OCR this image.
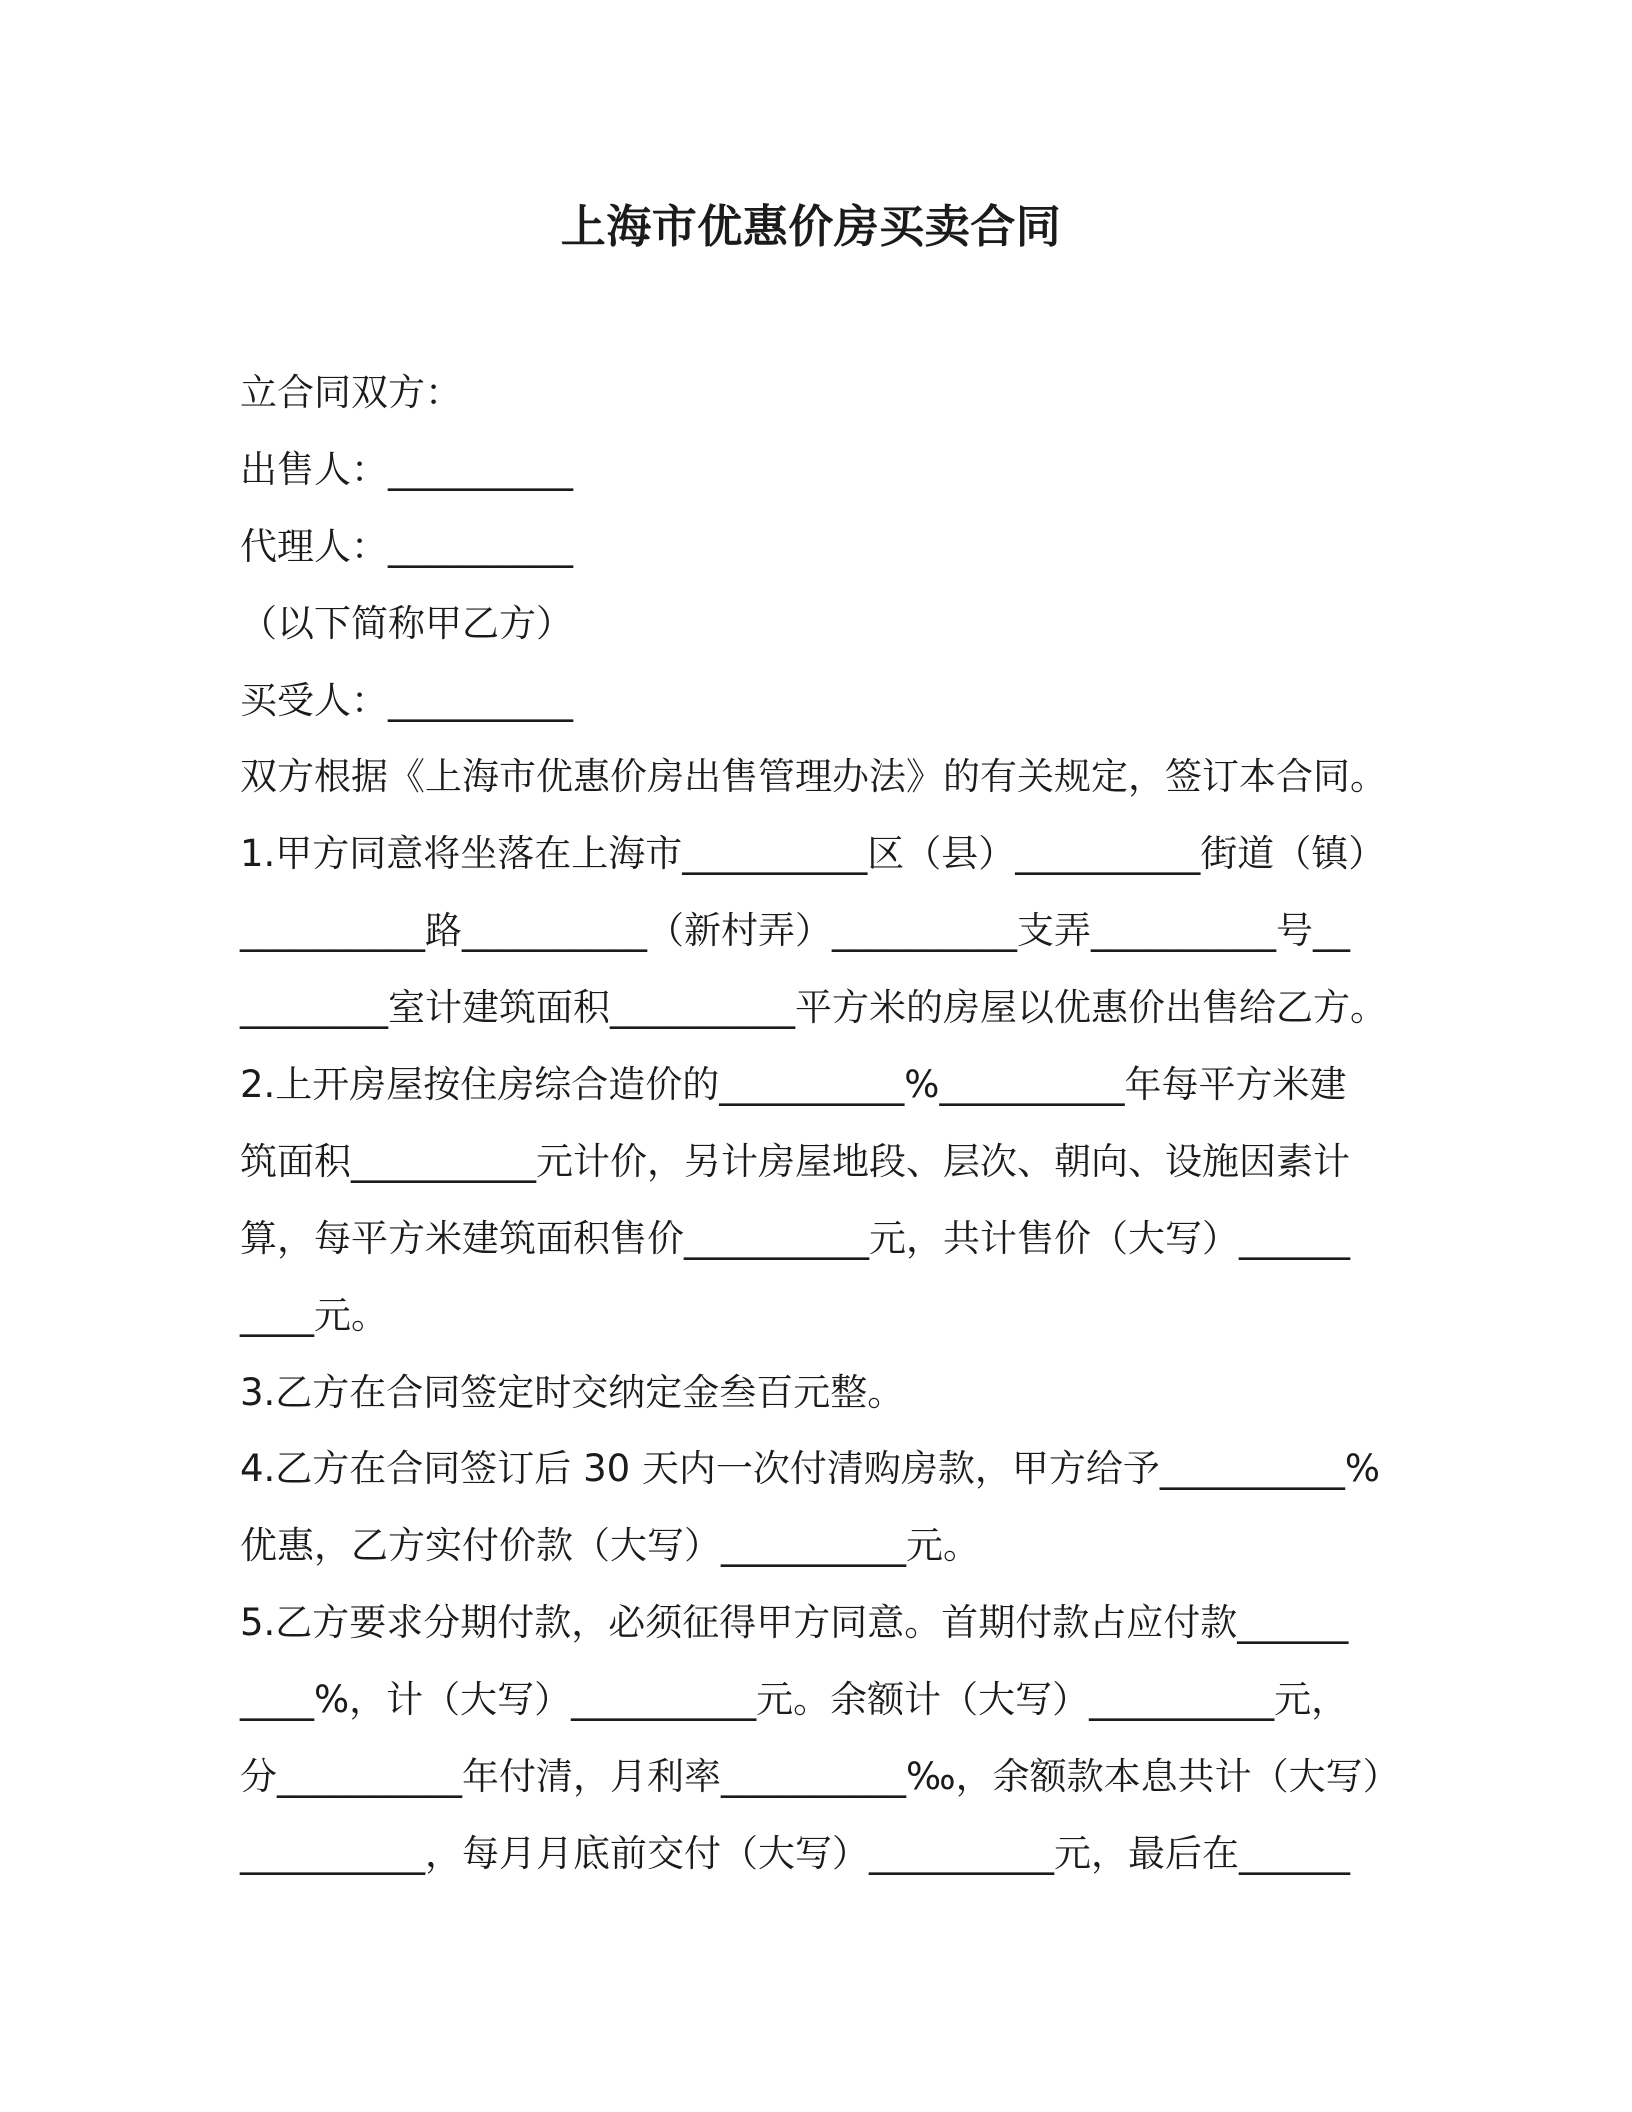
上海市优惠价房买卖合同
立合同双方：
出售人：__________
代理人：__________
（以下简称甲乙方）
买受人：__________
双方根据《上海市优惠价房出售管理办法》的有关规定，签订本合同。
1.甲方同意将坐落在上海市__________区（县）__________街道（镇）
__________路__________（新村弄）__________支弄__________号__
________室计建筑面积__________平方米的房屋以优惠价出售给乙方。
2.上开房屋按住房综合造价的__________%__________年每平方米建
筑面积__________元计价，另计房屋地段、层次、朝向、设施因素计
算，每平方米建筑面积售价__________元，共计售价（大写）______
____元。
3.乙方在合同签定时交纳定金叁百元整。
4.乙方在合同签订后 30 天内一次付清购房款，甲方给予__________%
优惠，乙方实付价款（大写）__________元。
5.乙方要求分期付款，必须征得甲方同意。首期付款占应付款______
____%，计（大写）__________元。余额计（大写）__________元，
分__________年付清，月利率__________‰，余额款本息共计（大写）
__________，每月月底前交付（大写）__________元，最后在______
